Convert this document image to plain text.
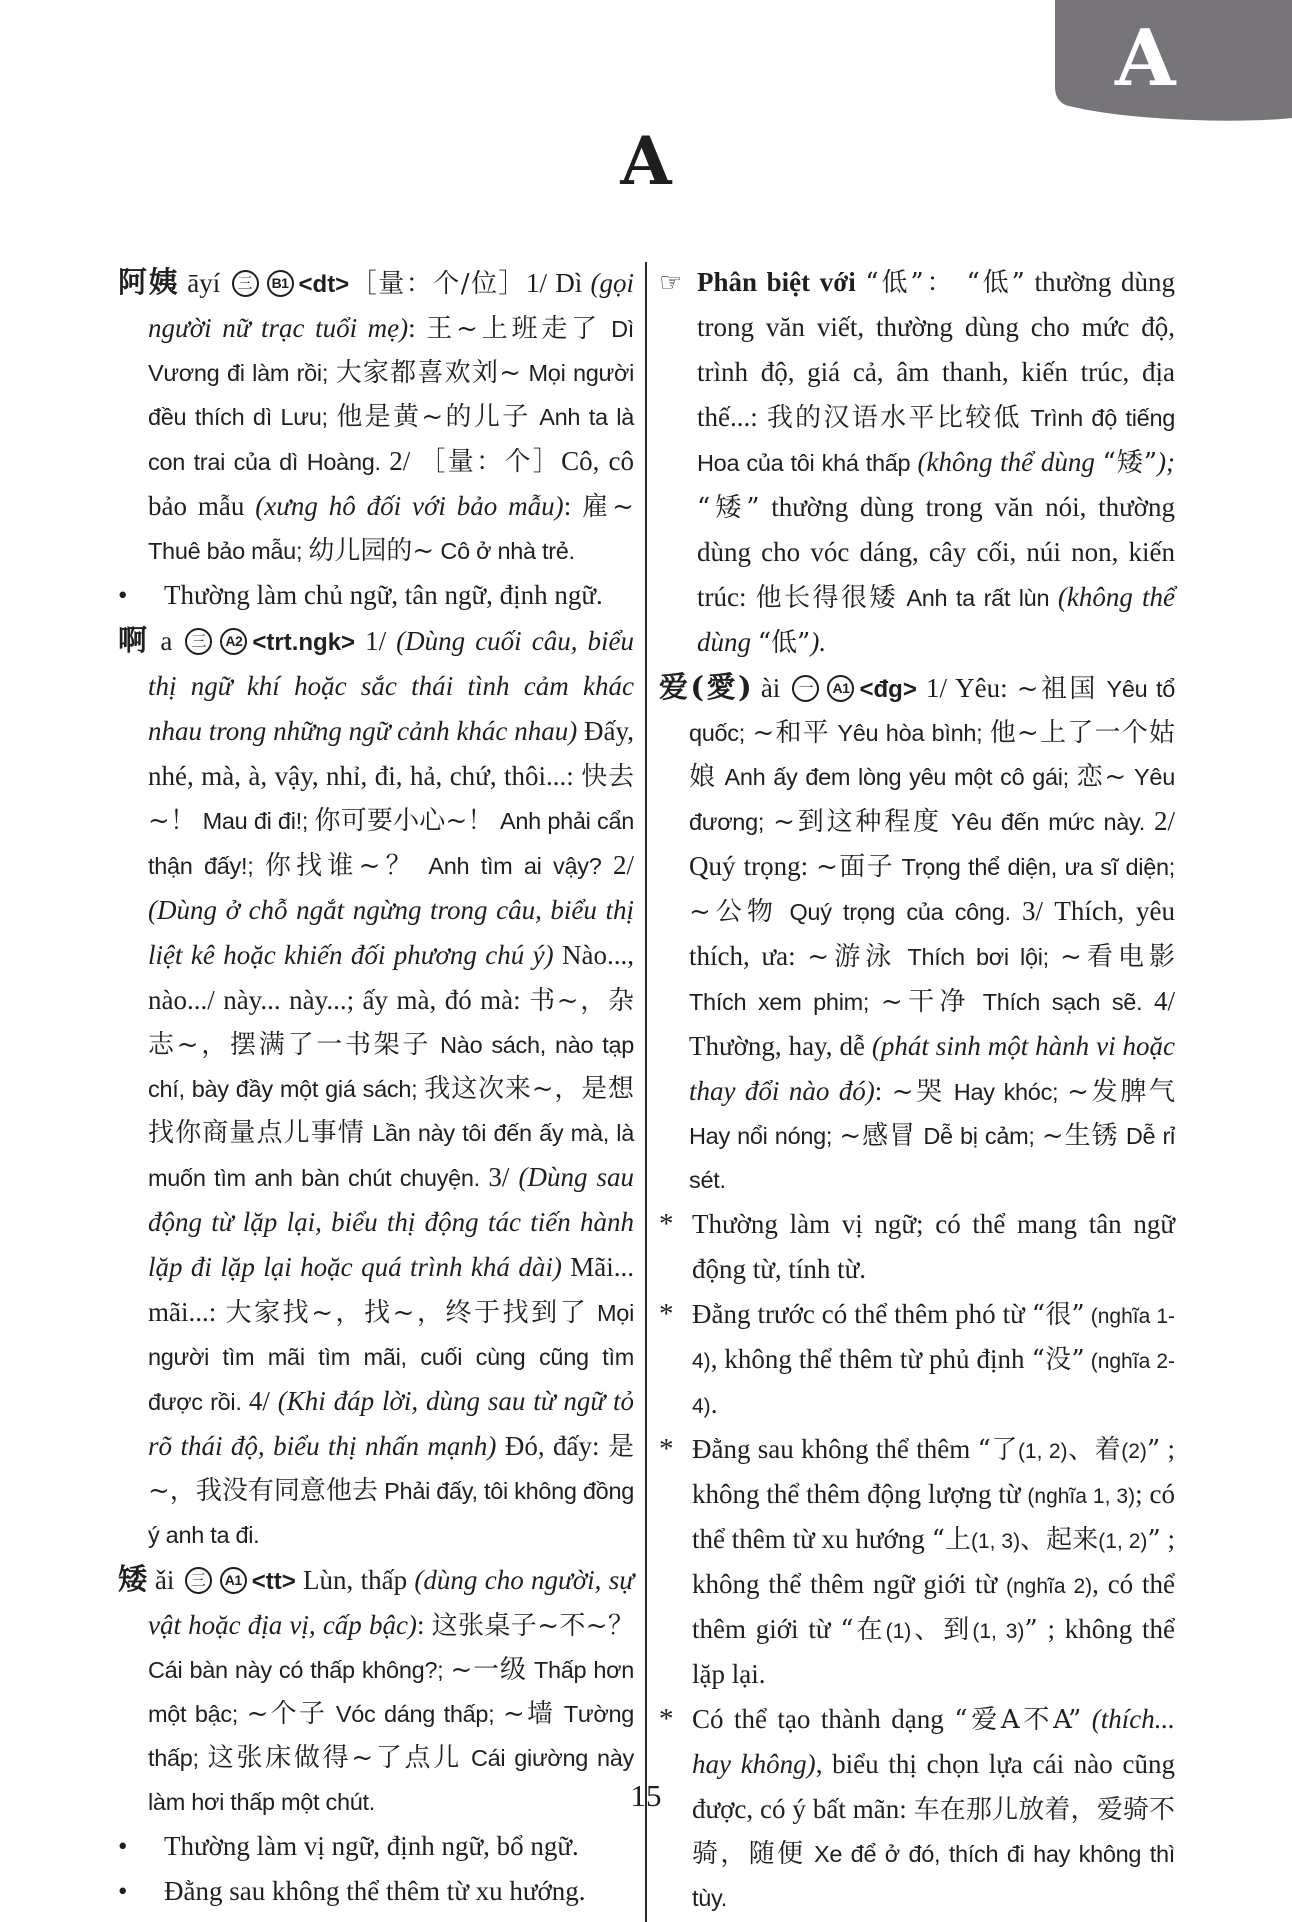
A
A
阿姨 āyí 三 B1 <dt>［量：个/位］1/ Dì (gọi người nữ trạc tuổi mẹ): 王~上班走了 Dì Vương đi làm rồi; 大家都喜欢刘~ Mọi người đều thích dì Lưu; 他是黄~的儿子 Anh ta là con trai của dì Hoàng. 2/ ［量：个］Cô, cô bảo mẫu (xưng hô đối với bảo mẫu): 雇~ Thuê bảo mẫu; 幼儿园的~ Cô ở nhà trẻ.
• Thường làm chủ ngữ, tân ngữ, định ngữ.
啊 a 三 A2 <trt.ngk> 1/ (Dùng cuối câu, biểu thị ngữ khí hoặc sắc thái tình cảm khác nhau trong những ngữ cảnh khác nhau) Đấy, nhé, mà, à, vậy, nhỉ, đi, hả, chứ, thôi...: 快去~！ Mau đi đi!; 你可要小心~！ Anh phải cẩn thận đấy!; 你找谁~？ Anh tìm ai vậy? 2/ (Dùng ở chỗ ngắt ngừng trong câu, biểu thị liệt kê hoặc khiến đối phương chú ý) Nào..., nào.../ này... này...; ấy mà, đó mà: 书~，杂志~，摆满了一书架子 Nào sách, nào tạp chí, bày đầy một giá sách; 我这次来~，是想找你商量点儿事情 Lần này tôi đến ấy mà, là muốn tìm anh bàn chút chuyện. 3/ (Dùng sau động từ lặp lại, biểu thị động tác tiến hành lặp đi lặp lại hoặc quá trình khá dài) Mãi... mãi...: 大家找~，找~，终于找到了 Mọi người tìm mãi tìm mãi, cuối cùng cũng tìm được rồi. 4/ (Khi đáp lời, dùng sau từ ngữ tỏ rõ thái độ, biểu thị nhấn mạnh) Đó, đấy: 是~，我没有同意他去 Phải đấy, tôi không đồng ý anh ta đi.
矮 ǎi 三 A1 <tt> Lùn, thấp (dùng cho người, sự vật hoặc địa vị, cấp bậc): 这张桌子~不~？ Cái bàn này có thấp không?; ~一级 Thấp hơn một bậc; ~个子 Vóc dáng thấp; ~墙 Tường thấp; 这张床做得~了点儿 Cái giường này làm hơi thấp một chút.
• Thường làm vị ngữ, định ngữ, bổ ngữ.
• Đằng sau không thể thêm từ xu hướng.
☞ Phân biệt với “低”： “低” thường dùng trong văn viết, thường dùng cho mức độ, trình độ, giá cả, âm thanh, kiến trúc, địa thế...: 我的汉语水平比较低 Trình độ tiếng Hoa của tôi khá thấp (không thể dùng “矮”); “矮” thường dùng trong văn nói, thường dùng cho vóc dáng, cây cối, núi non, kiến trúc: 他长得很矮 Anh ta rất lùn (không thể dùng “低”).
爱(愛) ài 一 A1 <đg> 1/ Yêu: ~祖国 Yêu tổ quốc; ~和平 Yêu hòa bình; 他~上了一个姑娘 Anh ấy đem lòng yêu một cô gái; 恋~ Yêu đương; ~到这种程度 Yêu đến mức này. 2/ Quý trọng: ~面子 Trọng thể diện, ưa sĩ diện; ~公物 Quý trọng của công. 3/ Thích, yêu thích, ưa: ~游泳 Thích bơi lội; ~看电影 Thích xem phim; ~干净 Thích sạch sẽ. 4/ Thường, hay, dễ (phát sinh một hành vi hoặc thay đổi nào đó): ~哭 Hay khóc; ~发脾气 Hay nổi nóng; ~感冒 Dễ bị cảm; ~生锈 Dễ rỉ sét.
* Thường làm vị ngữ; có thể mang tân ngữ động từ, tính từ.
* Đằng trước có thể thêm phó từ “很” (nghĩa 1-4), không thể thêm từ phủ định “没” (nghĩa 2-4).
* Đằng sau không thể thêm “了(1, 2)、着(2)” ; không thể thêm động lượng từ (nghĩa 1, 3); có thể thêm từ xu hướng “上(1, 3)、起来(1, 2)” ; không thể thêm ngữ giới từ (nghĩa 2), có thể thêm giới từ “在(1)、到(1, 3)” ; không thể lặp lại.
* Có thể tạo thành dạng “爱A不A” (thích... hay không), biểu thị chọn lựa cái nào cũng được, có ý bất mãn: 车在那儿放着，爱骑不骑，随便 Xe để ở đó, thích đi hay không thì tùy.
15
